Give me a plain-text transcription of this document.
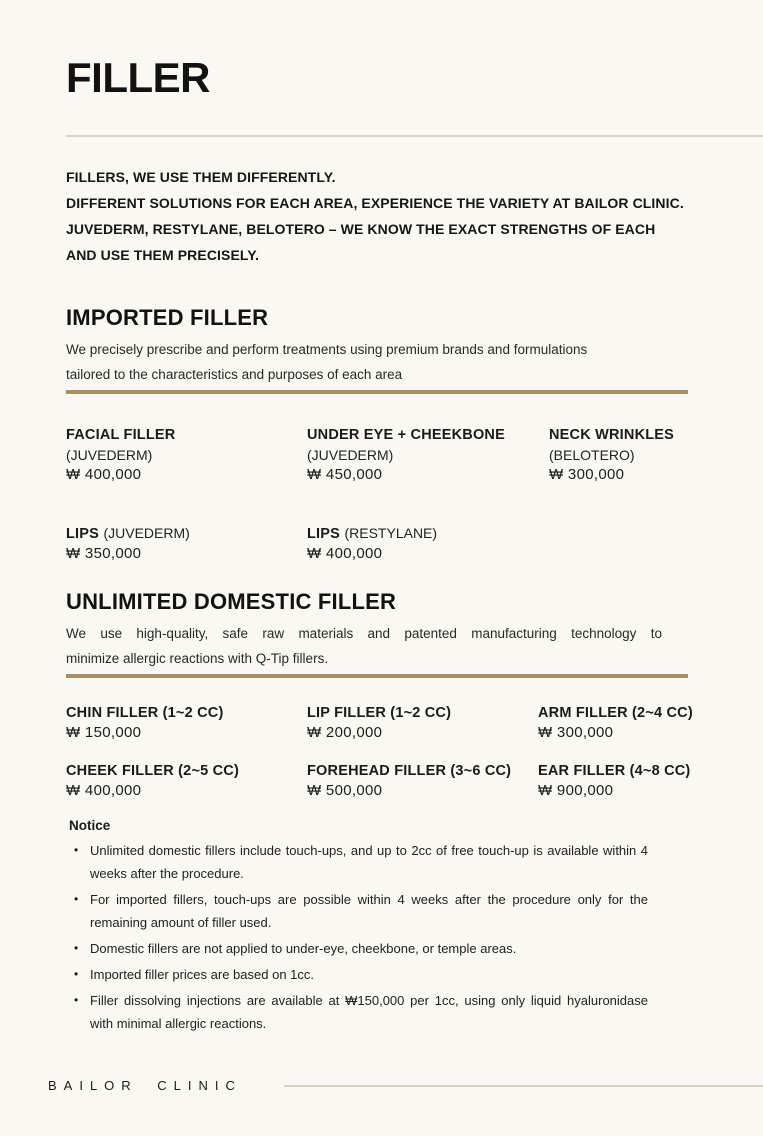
FILLER
FILLERS, WE USE THEM DIFFERENTLY.
DIFFERENT SOLUTIONS FOR EACH AREA, EXPERIENCE THE VARIETY AT BAILOR CLINIC.
JUVEDERM, RESTYLANE, BELOTERO – WE KNOW THE EXACT STRENGTHS OF EACH
AND USE THEM PRECISELY.
IMPORTED FILLER
We precisely prescribe and perform treatments using premium brands and formulations
tailored to the characteristics and purposes of each area
FACIAL FILLER
(JUVEDERM)
₩ 400,000
UNDER EYE + CHEEKBONE
(JUVEDERM)
₩ 450,000
NECK WRINKLES
(BELOTERO)
₩ 300,000
LIPS (JUVEDERM)
₩ 350,000
LIPS (RESTYLANE)
₩ 400,000
UNLIMITED DOMESTIC FILLER
We use high-quality, safe raw materials and patented manufacturing technology to
minimize allergic reactions with Q-Tip fillers.
CHIN FILLER (1~2 CC)
₩ 150,000
LIP FILLER (1~2 CC)
₩ 200,000
ARM FILLER (2~4 CC)
₩ 300,000
CHEEK FILLER (2~5 CC)
₩ 400,000
FOREHEAD FILLER (3~6 CC)
₩ 500,000
EAR FILLER (4~8 CC)
₩ 900,000
Notice
• Unlimited domestic fillers include touch-ups, and up to 2cc of free touch-up is available within 4 weeks after the procedure.
• For imported fillers, touch-ups are possible within 4 weeks after the procedure only for the remaining amount of filler used.
• Domestic fillers are not applied to under-eye, cheekbone, or temple areas.
• Imported filler prices are based on 1cc.
• Filler dissolving injections are available at ₩150,000 per 1cc, using only liquid hyaluronidase with minimal allergic reactions.
BAILOR CLINIC
